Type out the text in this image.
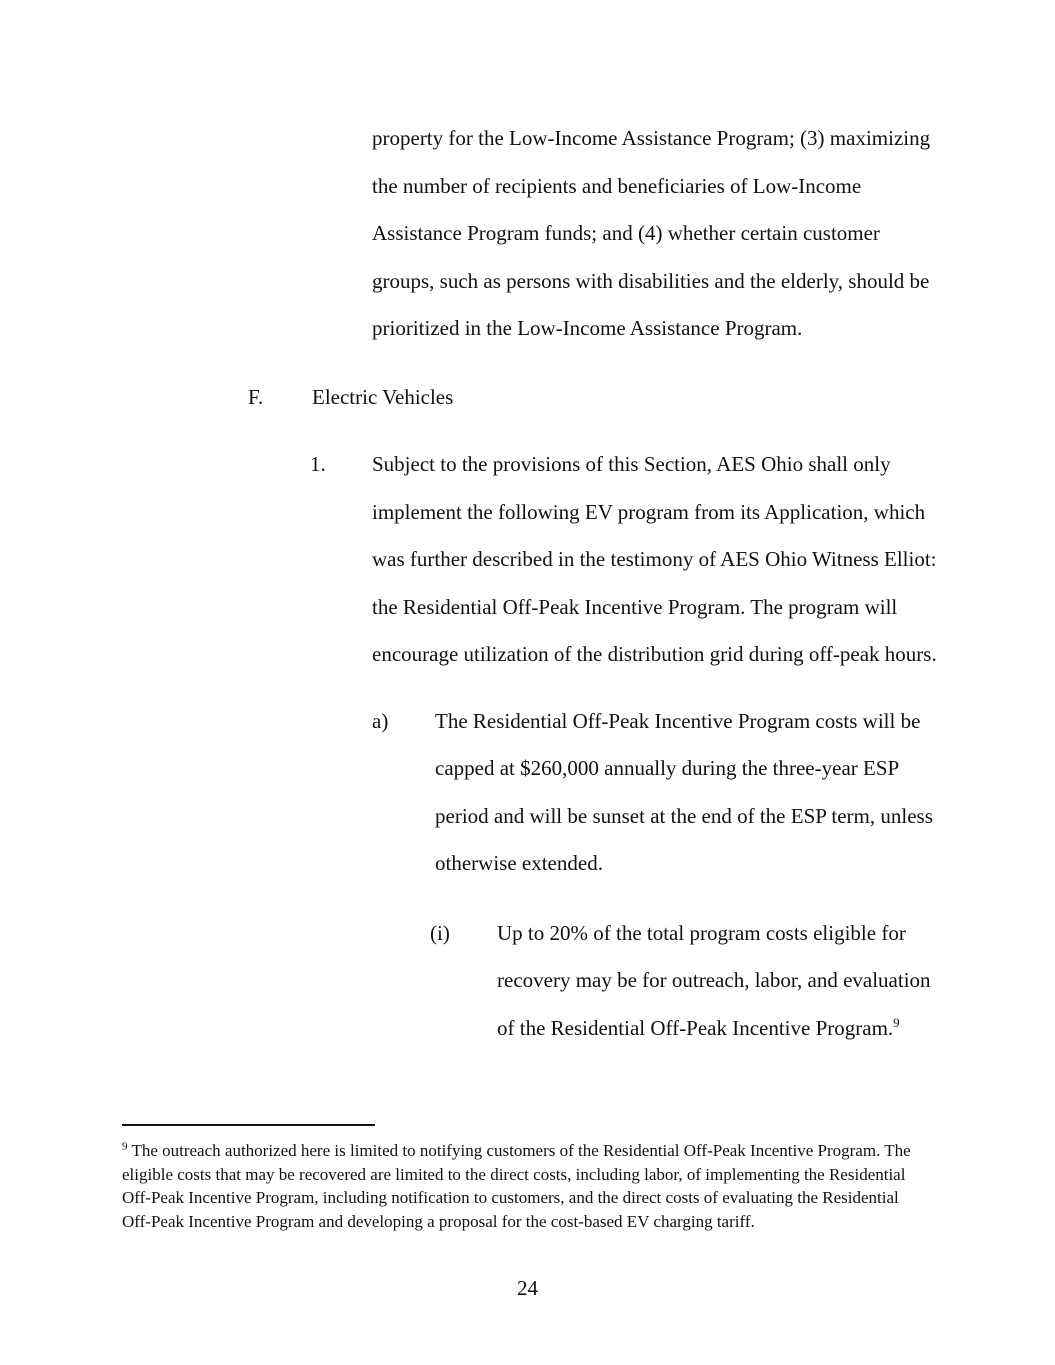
property for the Low-Income Assistance Program; (3) maximizing
the number of recipients and beneficiaries of Low-Income
Assistance Program funds; and (4) whether certain customer
groups, such as persons with disabilities and the elderly, should be
prioritized in the Low-Income Assistance Program.
F. Electric Vehicles
1. Subject to the provisions of this Section, AES Ohio shall only
implement the following EV program from its Application, which
was further described in the testimony of AES Ohio Witness Elliot:
the Residential Off-Peak Incentive Program. The program will
encourage utilization of the distribution grid during off-peak hours.
a) The Residential Off-Peak Incentive Program costs will be
capped at $260,000 annually during the three-year ESP
period and will be sunset at the end of the ESP term, unless
otherwise extended.
(i) Up to 20% of the total program costs eligible for
recovery may be for outreach, labor, and evaluation
of the Residential Off-Peak Incentive Program.$^9$
$^9$ The outreach authorized here is limited to notifying customers of the Residential Off-Peak Incentive Program. The
eligible costs that may be recovered are limited to the direct costs, including labor, of implementing the Residential
Off-Peak Incentive Program, including notification to customers, and the direct costs of evaluating the Residential
Off-Peak Incentive Program and developing a proposal for the cost-based EV charging tariff.
24
